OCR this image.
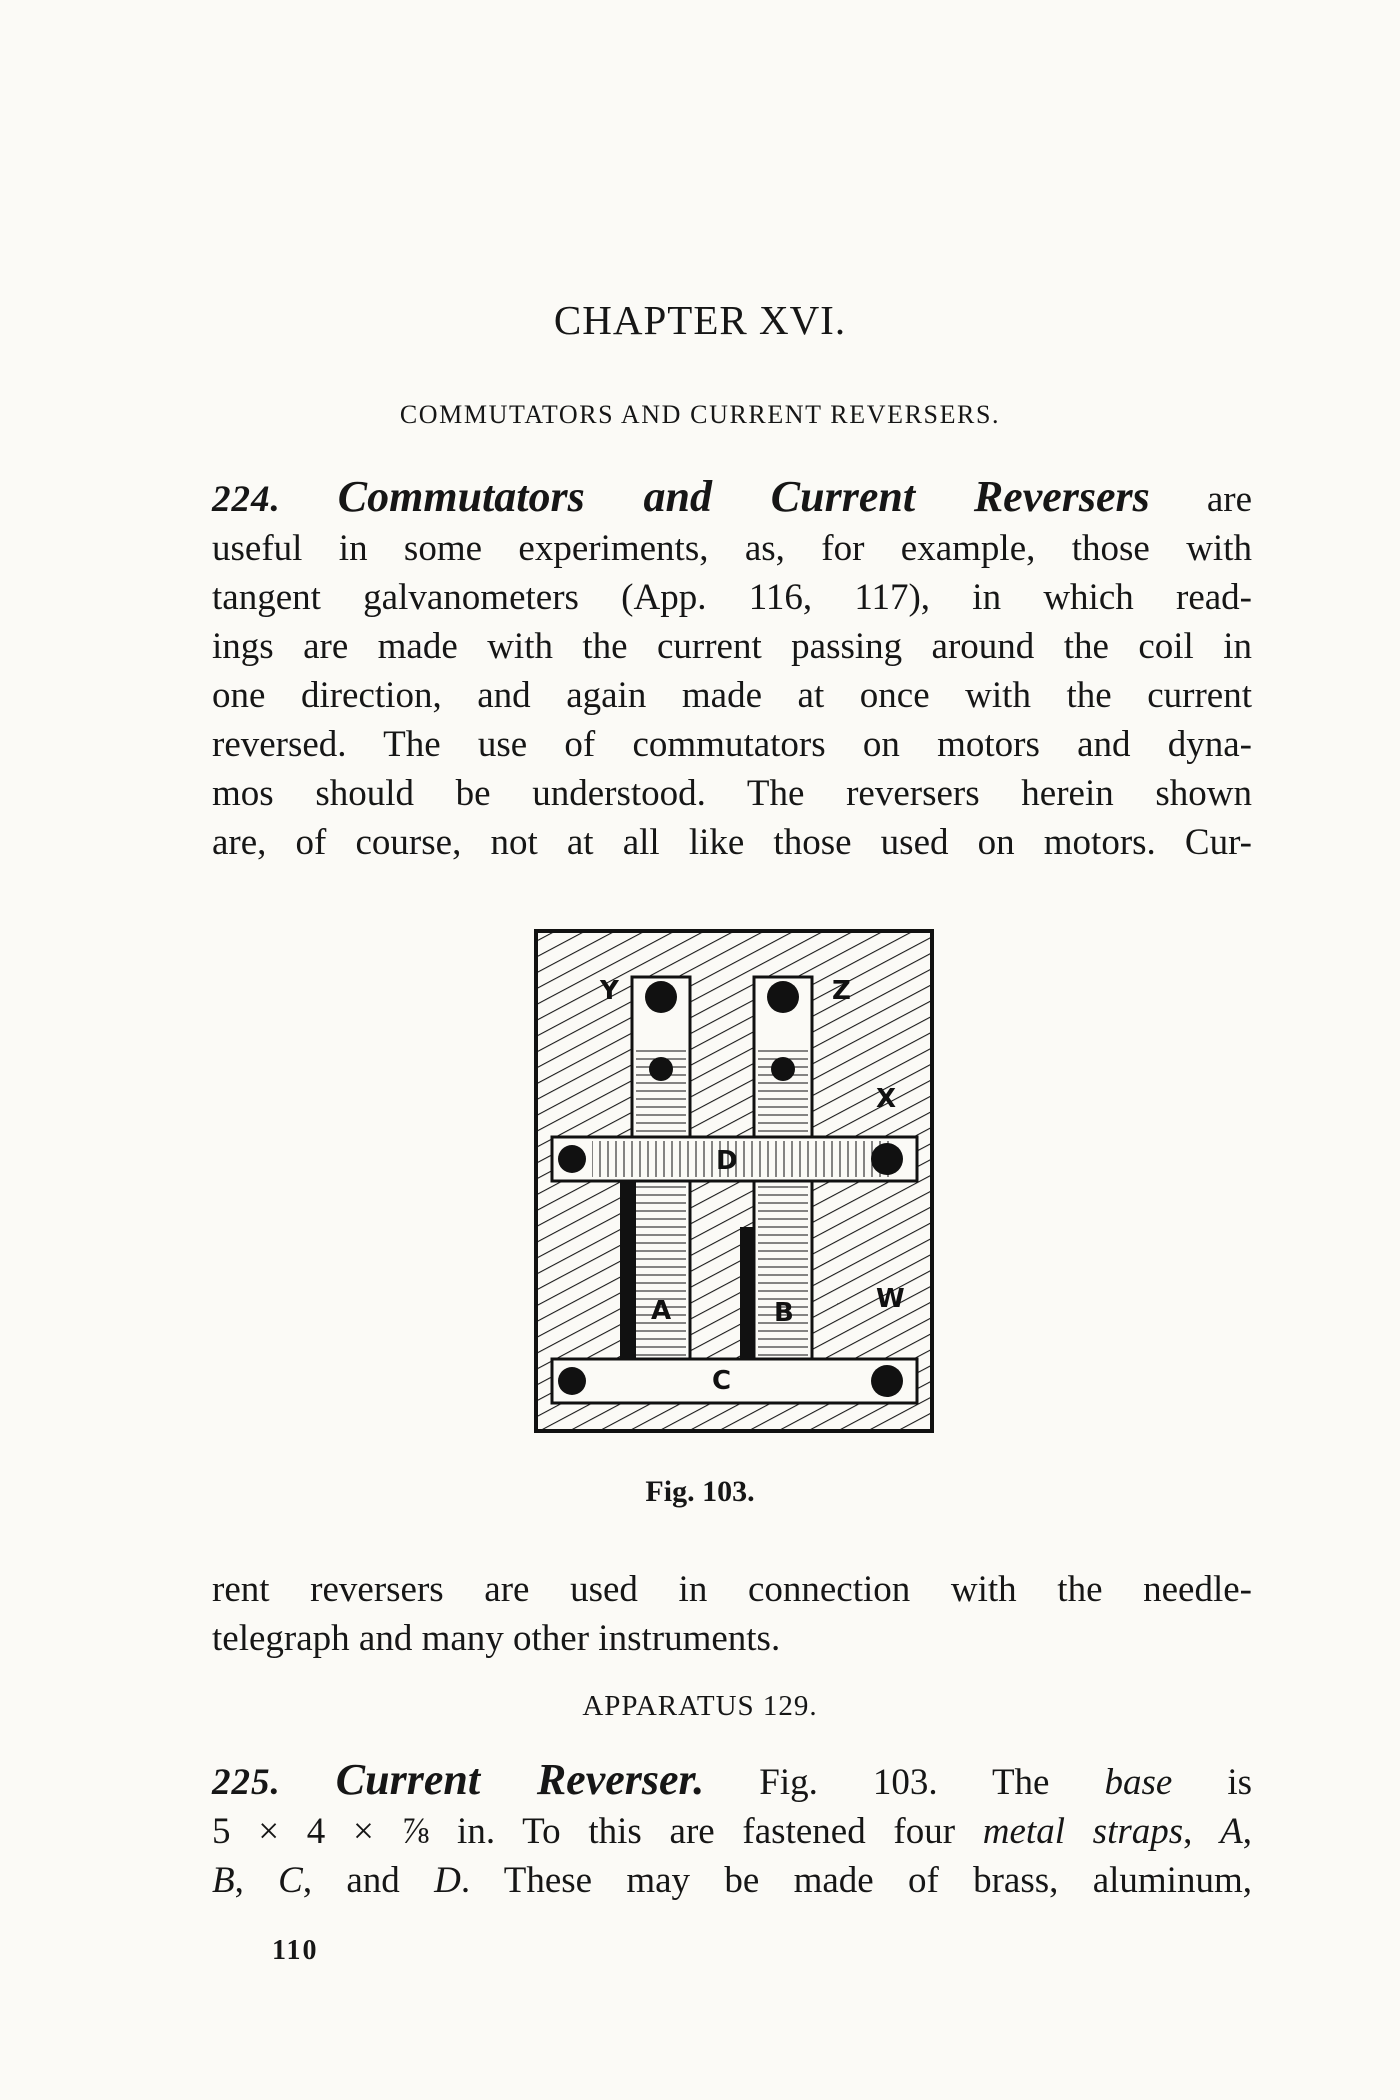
CHAPTER XVI.
COMMUTATORS AND CURRENT REVERSERS.
224. Commutators and Current Reversers are
useful in some experiments, as, for example, those with
tangent galvanometers (App. 116, 117), in which read-
ings are made with the current passing around the coil in
one direction, and again made at once with the current
reversed. The use of commutators on motors and dyna-
mos should be understood. The reversers herein shown
are, of course, not at all like those used on motors. Cur-
Y	Z
X
D
A	B	W
C
Fig. 103.
rent reversers are used in connection with the needle-
telegraph and many other instruments.
APPARATUS 129.
225. Current Reverser. Fig. 103. The base is
5 × 4 × ⅞ in. To this are fastened four metal straps, A,
B, C, and D. These may be made of brass, aluminum,
110
